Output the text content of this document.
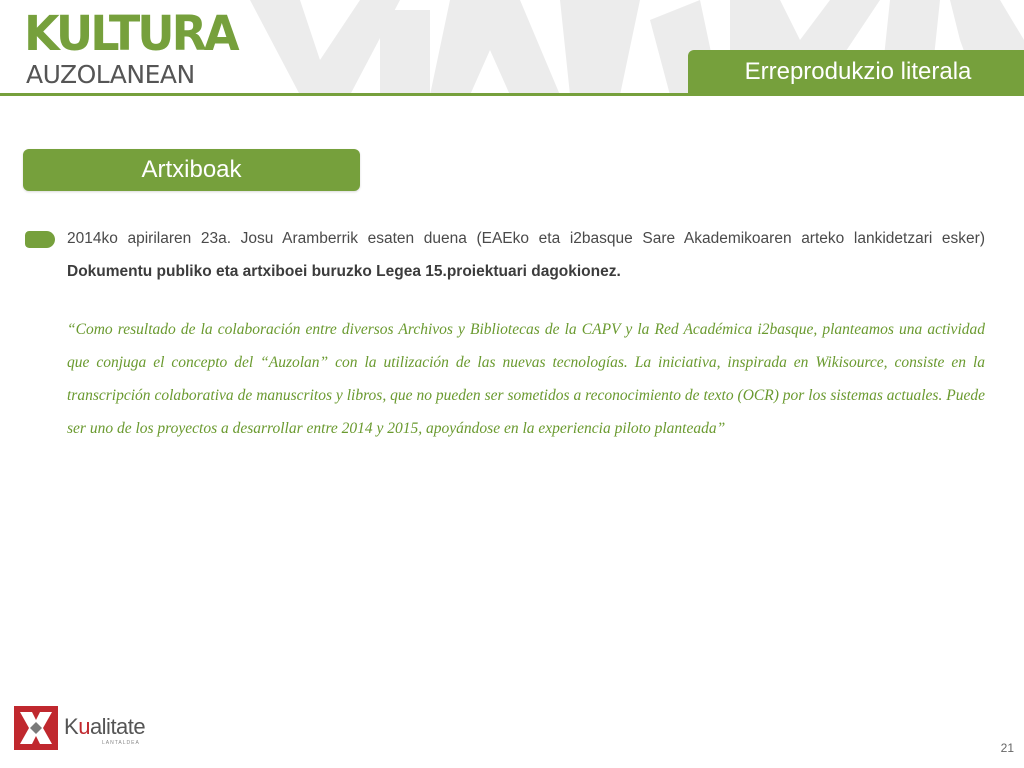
KULTURA
AUZOLANEAN	Erreprodukzio literala
Artxiboak
2014ko apirilaren 23a. Josu Aramberrik esaten duena (EAEko eta i2basque Sare Akademikoaren arteko lankidetzari esker) Dokumentu publiko eta artxiboei buruzko Legea 15.proiektuari dagokionez.
“Como resultado de la colaboración entre diversos Archivos y Bibliotecas de la CAPV y la Red Académica i2basque, planteamos una actividad que conjuga el concepto del “Auzolan” con la utilización de las nuevas tecnologías. La iniciativa, inspirada en Wikisource, consiste en la transcripción colaborativa de manuscritos y libros, que no pueden ser sometidos a reconocimiento de texto (OCR) por los sistemas actuales. Puede ser uno de los proyectos a desarrollar entre 2014 y 2015, apoyándose en la experiencia piloto planteada”
Kualitate
LANTALDEA	21
